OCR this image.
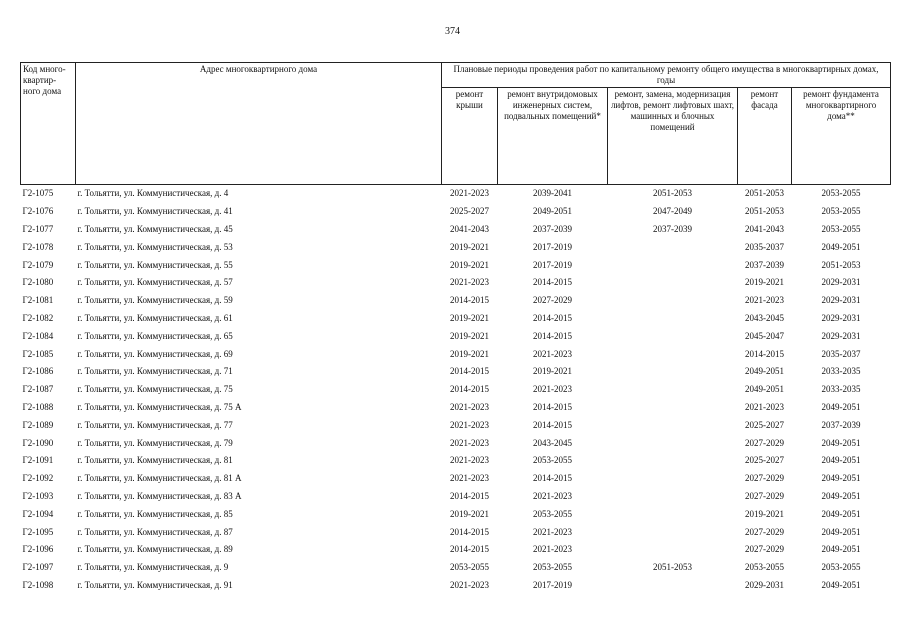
374
Код много-квартир-ного дома	Адрес многоквартирного дома	Плановые периоды проведения работ по капитальному ремонту общего имущества в многоквартирных домах, годы				
		ремонт крыши	ремонт внутридомовых инженерных систем, подвальных помещений*	ремонт, замена, модернизация лифтов, ремонт лифтовых шахт, машинных и блочных помещений	ремонт фасада	ремонт фундамента многоквартирного дома**
Г2-1075	г. Тольятти, ул. Коммунистическая, д. 4	2021-2023	2039-2041	2051-2053	2051-2053	2053-2055
Г2-1076	г. Тольятти, ул. Коммунистическая, д. 41	2025-2027	2049-2051	2047-2049	2051-2053	2053-2055
Г2-1077	г. Тольятти, ул. Коммунистическая, д. 45	2041-2043	2037-2039	2037-2039	2041-2043	2053-2055
Г2-1078	г. Тольятти, ул. Коммунистическая, д. 53	2019-2021	2017-2019		2035-2037	2049-2051
Г2-1079	г. Тольятти, ул. Коммунистическая, д. 55	2019-2021	2017-2019		2037-2039	2051-2053
Г2-1080	г. Тольятти, ул. Коммунистическая, д. 57	2021-2023	2014-2015		2019-2021	2029-2031
Г2-1081	г. Тольятти, ул. Коммунистическая, д. 59	2014-2015	2027-2029		2021-2023	2029-2031
Г2-1082	г. Тольятти, ул. Коммунистическая, д. 61	2019-2021	2014-2015		2043-2045	2029-2031
Г2-1084	г. Тольятти, ул. Коммунистическая, д. 65	2019-2021	2014-2015		2045-2047	2029-2031
Г2-1085	г. Тольятти, ул. Коммунистическая, д. 69	2019-2021	2021-2023		2014-2015	2035-2037
Г2-1086	г. Тольятти, ул. Коммунистическая, д. 71	2014-2015	2019-2021		2049-2051	2033-2035
Г2-1087	г. Тольятти, ул. Коммунистическая, д. 75	2014-2015	2021-2023		2049-2051	2033-2035
Г2-1088	г. Тольятти, ул. Коммунистическая, д. 75 А	2021-2023	2014-2015		2021-2023	2049-2051
Г2-1089	г. Тольятти, ул. Коммунистическая, д. 77	2021-2023	2014-2015		2025-2027	2037-2039
Г2-1090	г. Тольятти, ул. Коммунистическая, д. 79	2021-2023	2043-2045		2027-2029	2049-2051
Г2-1091	г. Тольятти, ул. Коммунистическая, д. 81	2021-2023	2053-2055		2025-2027	2049-2051
Г2-1092	г. Тольятти, ул. Коммунистическая, д. 81 А	2021-2023	2014-2015		2027-2029	2049-2051
Г2-1093	г. Тольятти, ул. Коммунистическая, д. 83 А	2014-2015	2021-2023		2027-2029	2049-2051
Г2-1094	г. Тольятти, ул. Коммунистическая, д. 85	2019-2021	2053-2055		2019-2021	2049-2051
Г2-1095	г. Тольятти, ул. Коммунистическая, д. 87	2014-2015	2021-2023		2027-2029	2049-2051
Г2-1096	г. Тольятти, ул. Коммунистическая, д. 89	2014-2015	2021-2023		2027-2029	2049-2051
Г2-1097	г. Тольятти, ул. Коммунистическая, д. 9	2053-2055	2053-2055	2051-2053	2053-2055	2053-2055
Г2-1098	г. Тольятти, ул. Коммунистическая, д. 91	2021-2023	2017-2019		2029-2031	2049-2051
